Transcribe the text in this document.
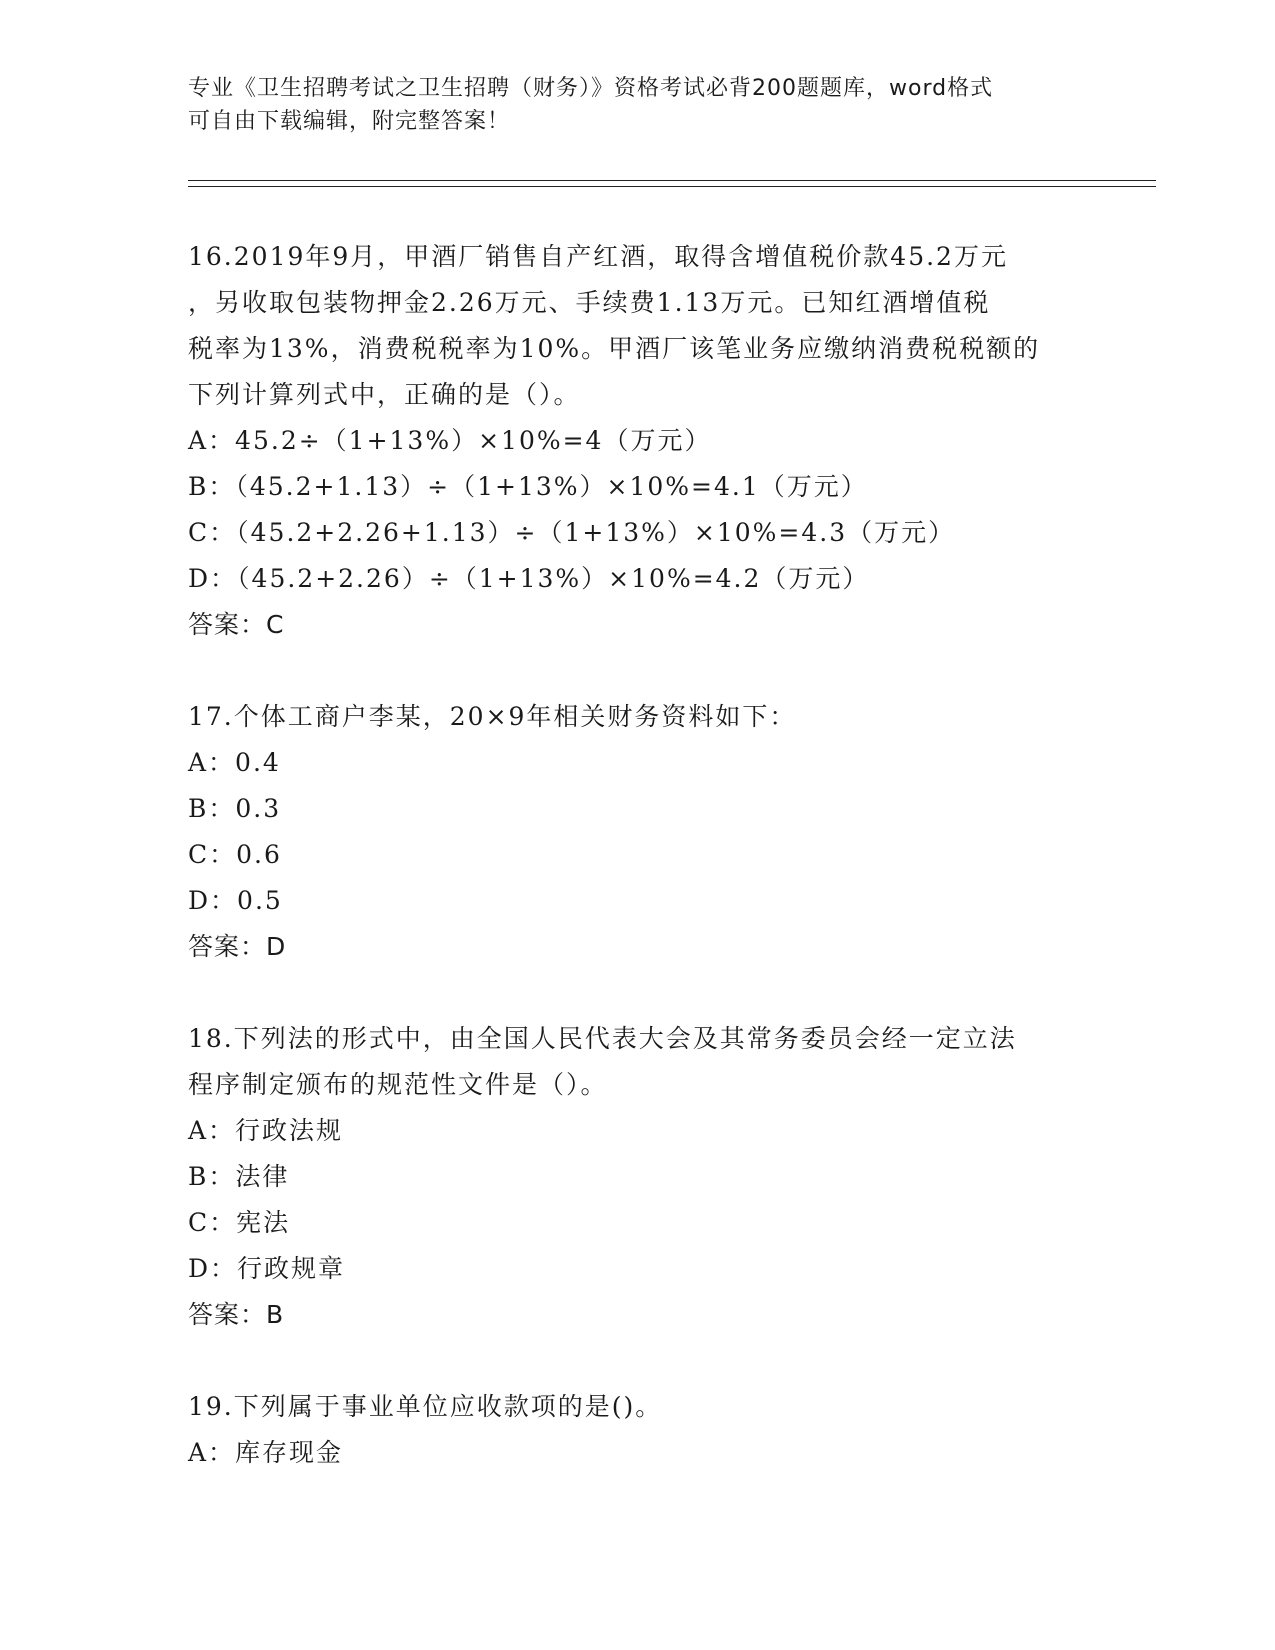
专业《卫生招聘考试之卫生招聘（财务）》资格考试必背200题题库，word格式
可自由下载编辑，附完整答案！

16.2019年9月，甲酒厂销售自产红酒，取得含增值税价款45.2万元

，另收取包装物押金2.26万元、手续费1.13万元。已知红酒增值税

税率为13%，消费税税率为10%。甲酒厂该笔业务应缴纳消费税税额的

下列计算列式中，正确的是（）。

A：45.2÷（1+13%）×10%=4（万元）

B：（45.2+1.13）÷（1+13%）×10%=4.1（万元）

C：（45.2+2.26+1.13）÷（1+13%）×10%=4.3（万元）

D：（45.2+2.26）÷（1+13%）×10%=4.2（万元）

答案：C

17.个体工商户李某，20×9年相关财务资料如下：

A：0.4

B：0.3

C：0.6

D：0.5

答案：D

18.下列法的形式中，由全国人民代表大会及其常务委员会经一定立法

程序制定颁布的规范性文件是（）。

A：行政法规

B：法律

C：宪法

D：行政规章

答案：B

19.下列属于事业单位应收款项的是()。

A：库存现金
